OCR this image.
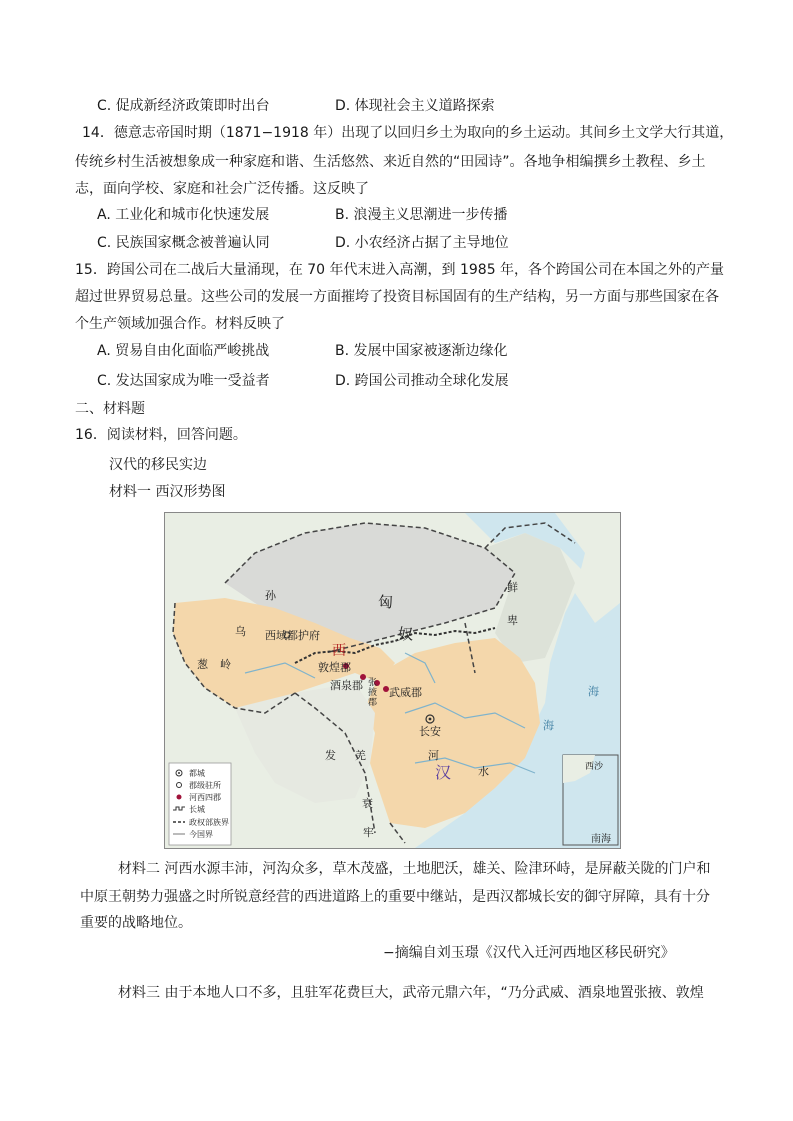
C. 促成新经济政策即时出台	D. 体现社会主义道路探索
14．德意志帝国时期（1871−1918 年）出现了以回归乡土为取向的乡土运动。其间乡土文学大行其道，
传统乡村生活被想象成一种家庭和谐、生活悠然、来近自然的“田园诗”。各地争相编撰乡土教程、乡土
志，面向学校、家庭和社会广泛传播。这反映了
A. 工业化和城市化快速发展	B. 浪漫主义思潮进一步传播
C. 民族国家概念被普遍认同	D. 小农经济占据了主导地位
15．跨国公司在二战后大量涌现，在 70 年代末进入高潮，到 1985 年，各个跨国公司在本国之外的产量
超过世界贸易总量。这些公司的发展一方面摧垮了投资目标国固有的生产结构，另一方面与那些国家在各
个生产领域加强合作。材料反映了
A. 贸易自由化面临严峻挑战	B. 发展中国家被逐渐边缘化
C. 发达国家成为唯一受益者	D. 跨国公司推动全球化发展
二、材料题
16．阅读材料，回答问题。
汉代的移民实边
材料一 西汉形势图
匈
奴
乌
孙
西域都护府
西
葱 岭	敦煌郡
酒泉郡 张
掖
郡
武威郡
长安
汉
鲜
卑
发 羌
衰
牢
河
水
海
海
西沙
南海
都城
郡级驻所
河西四郡
长城
政权部族界
今国界
材料二 河西水源丰沛，河沟众多，草木茂盛，土地肥沃，雄关、险津环峙，是屏蔽关陇的门户和
中原王朝势力强盛之时所锐意经营的西进道路上的重要中继站，是西汉都城长安的御守屏障，具有十分
重要的战略地位。
−摘编自刘玉璟《汉代入迁河西地区移民研究》
材料三 由于本地人口不多，且驻军花费巨大，武帝元鼎六年，“乃分武威、酒泉地置张掖、敦煌
